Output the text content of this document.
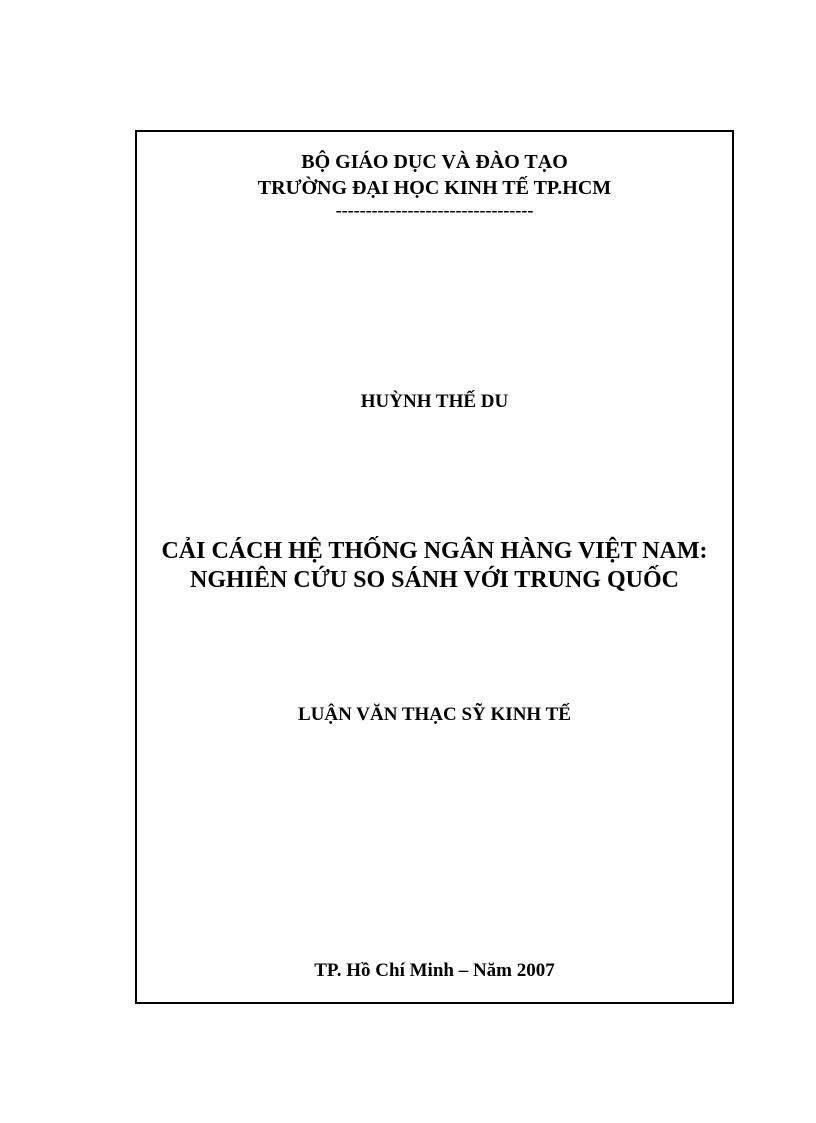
BỘ GIÁO DỤC VÀ ĐÀO TẠO
TRƯỜNG ĐẠI HỌC KINH TẾ TP.HCM
---------------------------------
HUỲNH THẾ DU
CẢI CÁCH HỆ THỐNG NGÂN HÀNG VIỆT NAM:
NGHIÊN CỨU SO SÁNH VỚI TRUNG QUỐC
LUẬN VĂN THẠC SỸ KINH TẾ
TP. Hồ Chí Minh – Năm 2007
